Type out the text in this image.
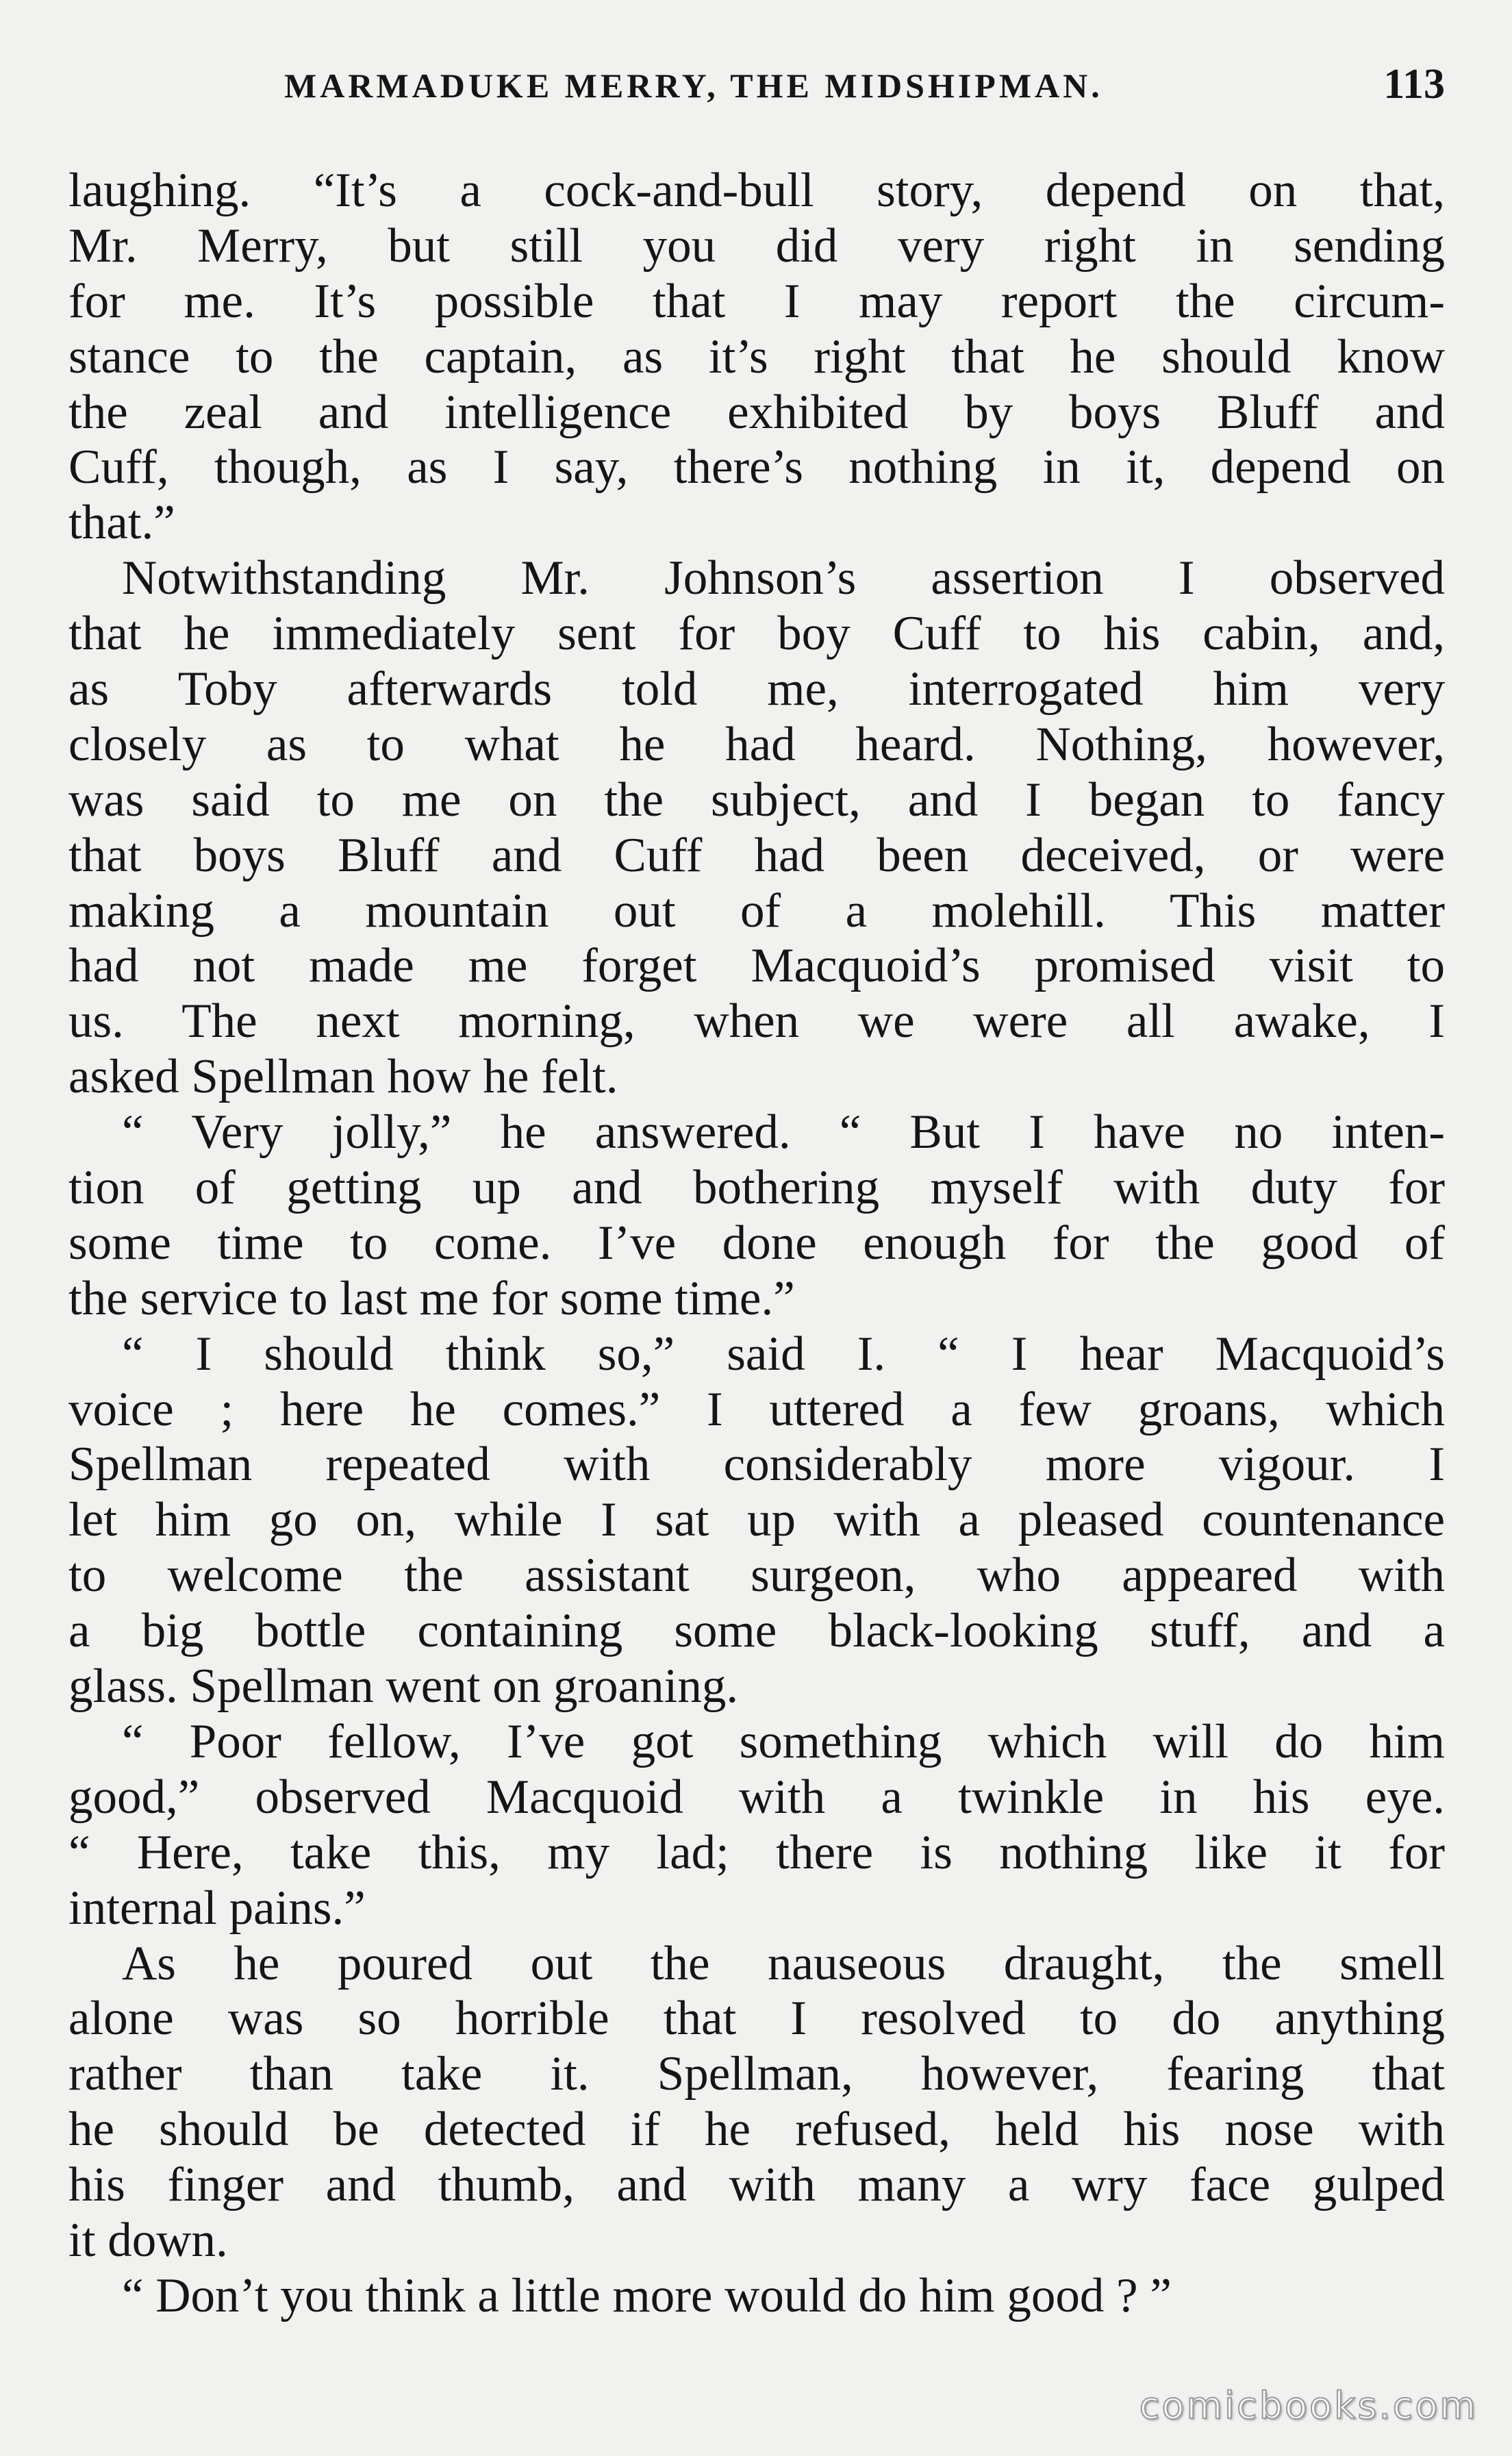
MARMADUKE MERRY, THE MIDSHIPMAN.	113
laughing. “It’s a cock-and-bull story, depend on that,
Mr. Merry, but still you did very right in sending
for me. It’s possible that I may report the circum-
stance to the captain, as it’s right that he should know
the zeal and intelligence exhibited by boys Bluff and
Cuff, though, as I say, there’s nothing in it, depend on
that.”
Notwithstanding Mr. Johnson’s assertion I observed
that he immediately sent for boy Cuff to his cabin, and,
as Toby afterwards told me, interrogated him very
closely as to what he had heard. Nothing, however,
was said to me on the subject, and I began to fancy
that boys Bluff and Cuff had been deceived, or were
making a mountain out of a molehill. This matter
had not made me forget Macquoid’s promised visit to
us. The next morning, when we were all awake, I
asked Spellman how he felt.
“ Very jolly,” he answered. “ But I have no inten-
tion of getting up and bothering myself with duty for
some time to come. I’ve done enough for the good of
the service to last me for some time.”
“ I should think so,” said I. “ I hear Macquoid’s
voice ; here he comes.” I uttered a few groans, which
Spellman repeated with considerably more vigour. I
let him go on, while I sat up with a pleased countenance
to welcome the assistant surgeon, who appeared with
a big bottle containing some black-looking stuff, and a
glass. Spellman went on groaning.
“ Poor fellow, I’ve got something which will do him
good,” observed Macquoid with a twinkle in his eye.
“ Here, take this, my lad; there is nothing like it for
internal pains.”
As he poured out the nauseous draught, the smell
alone was so horrible that I resolved to do anything
rather than take it. Spellman, however, fearing that
he should be detected if he refused, held his nose with
his finger and thumb, and with many a wry face gulped
it down.
“ Don’t you think a little more would do him good ? ”
comicbooks.com
